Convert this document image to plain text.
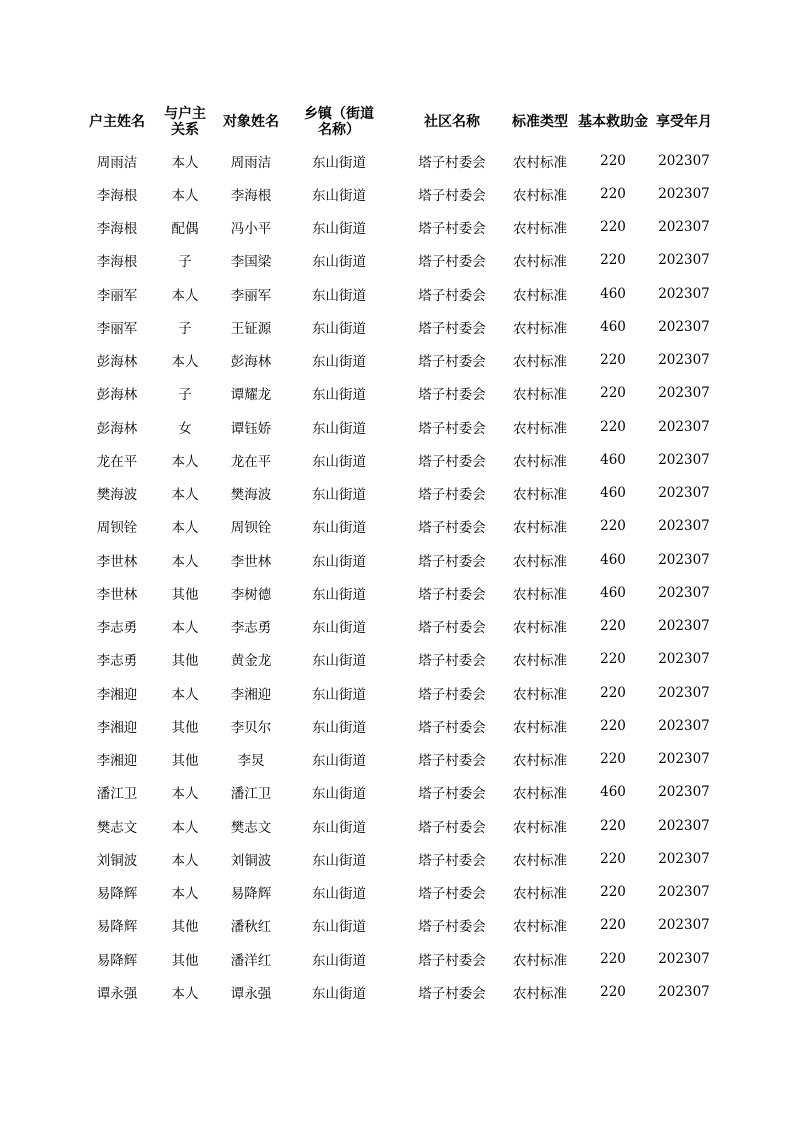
户主姓名	与户主关系	对象姓名	乡镇（街道名称）	社区名称	标准类型	基本救助金	享受年月
周雨洁	本人	周雨洁	东山街道	塔子村委会	农村标准	220	202307
李海根	本人	李海根	东山街道	塔子村委会	农村标准	220	202307
李海根	配偶	冯小平	东山街道	塔子村委会	农村标准	220	202307
李海根	子	李国梁	东山街道	塔子村委会	农村标准	220	202307
李丽军	本人	李丽军	东山街道	塔子村委会	农村标准	460	202307
李丽军	子	王钲源	东山街道	塔子村委会	农村标准	460	202307
彭海林	本人	彭海林	东山街道	塔子村委会	农村标准	220	202307
彭海林	子	谭耀龙	东山街道	塔子村委会	农村标准	220	202307
彭海林	女	谭钰娇	东山街道	塔子村委会	农村标准	220	202307
龙在平	本人	龙在平	东山街道	塔子村委会	农村标准	460	202307
樊海波	本人	樊海波	东山街道	塔子村委会	农村标准	460	202307
周钡铨	本人	周钡铨	东山街道	塔子村委会	农村标准	220	202307
李世林	本人	李世林	东山街道	塔子村委会	农村标准	460	202307
李世林	其他	李树德	东山街道	塔子村委会	农村标准	460	202307
李志勇	本人	李志勇	东山街道	塔子村委会	农村标准	220	202307
李志勇	其他	黄金龙	东山街道	塔子村委会	农村标准	220	202307
李湘迎	本人	李湘迎	东山街道	塔子村委会	农村标准	220	202307
李湘迎	其他	李贝尔	东山街道	塔子村委会	农村标准	220	202307
李湘迎	其他	李炅	东山街道	塔子村委会	农村标准	220	202307
潘江卫	本人	潘江卫	东山街道	塔子村委会	农村标准	460	202307
樊志文	本人	樊志文	东山街道	塔子村委会	农村标准	220	202307
刘铜波	本人	刘铜波	东山街道	塔子村委会	农村标准	220	202307
易降辉	本人	易降辉	东山街道	塔子村委会	农村标准	220	202307
易降辉	其他	潘秋红	东山街道	塔子村委会	农村标准	220	202307
易降辉	其他	潘洋红	东山街道	塔子村委会	农村标准	220	202307
谭永强	本人	谭永强	东山街道	塔子村委会	农村标准	220	202307
